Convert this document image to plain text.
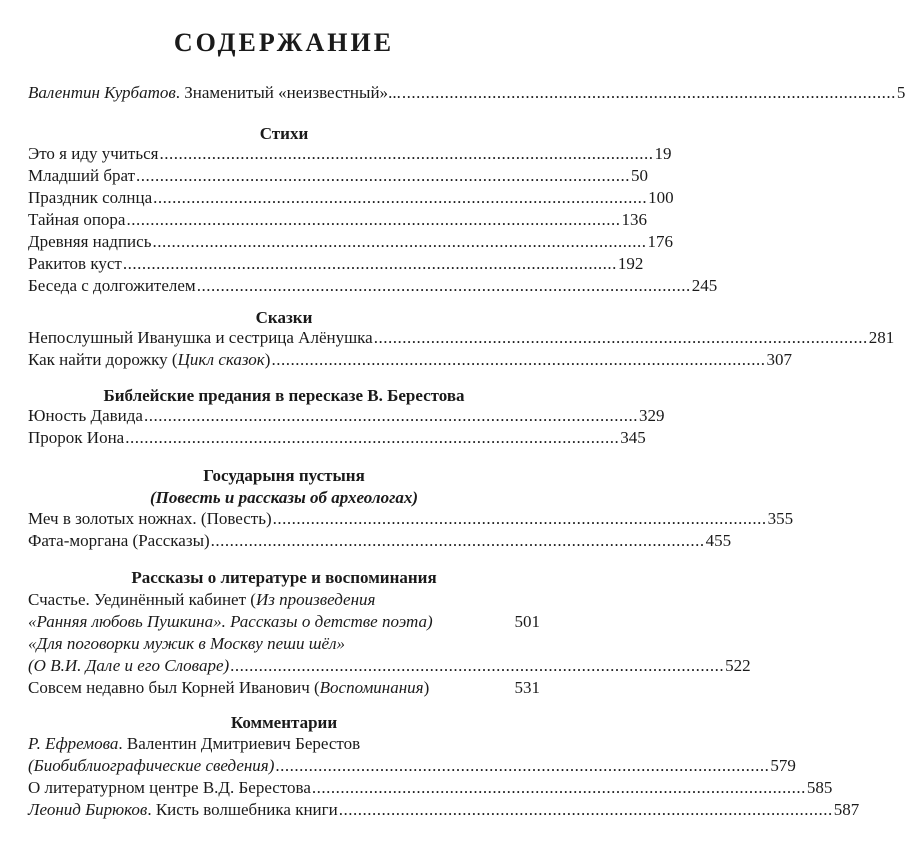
СОДЕРЖАНИЕ
Валентин Курбатов. Знаменитый «неизвестный»... ........................................................................................................ 5
Стихи
Это я иду учиться ........................................................................................................ 19
Младший брат ........................................................................................................ 50
Праздник солнца ........................................................................................................ 100
Тайная опора ........................................................................................................ 136
Древняя надпись ........................................................................................................ 176
Ракитов куст ........................................................................................................ 192
Беседа с долгожителем ........................................................................................................ 245
Сказки
Непослушный Иванушка и сестрица Алёнушка ........................................................................................................ 281
Как найти дорожку (Цикл сказок) ........................................................................................................ 307
Библейские предания в пересказе В. Берестова
Юность Давида ........................................................................................................ 329
Пророк Иона ........................................................................................................ 345
Государыня пустыня
(Повесть и рассказы об археологах)
Меч в золотых ножнах. (Повесть) ........................................................................................................ 355
Фата-моргана (Рассказы) ........................................................................................................ 455
Рассказы о литературе и воспоминания
Счастье. Уединённый кабинет (Из произведения
«Ранняя любовь Пушкина». Рассказы о детстве поэта)	501
«Для поговорки мужик в Москву пеши шёл»
(О В.И. Дале и его Словаре) ........................................................................................................ 522
Совсем недавно был Корней Иванович (Воспоминания)	531
Комментарии
Р. Ефремова. Валентин Дмитриевич Берестов
(Биобиблиографические сведения) ........................................................................................................ 579
О литературном центре В.Д. Берестова ........................................................................................................ 585
Леонид Бирюков. Кисть волшебника книги ........................................................................................................ 587
